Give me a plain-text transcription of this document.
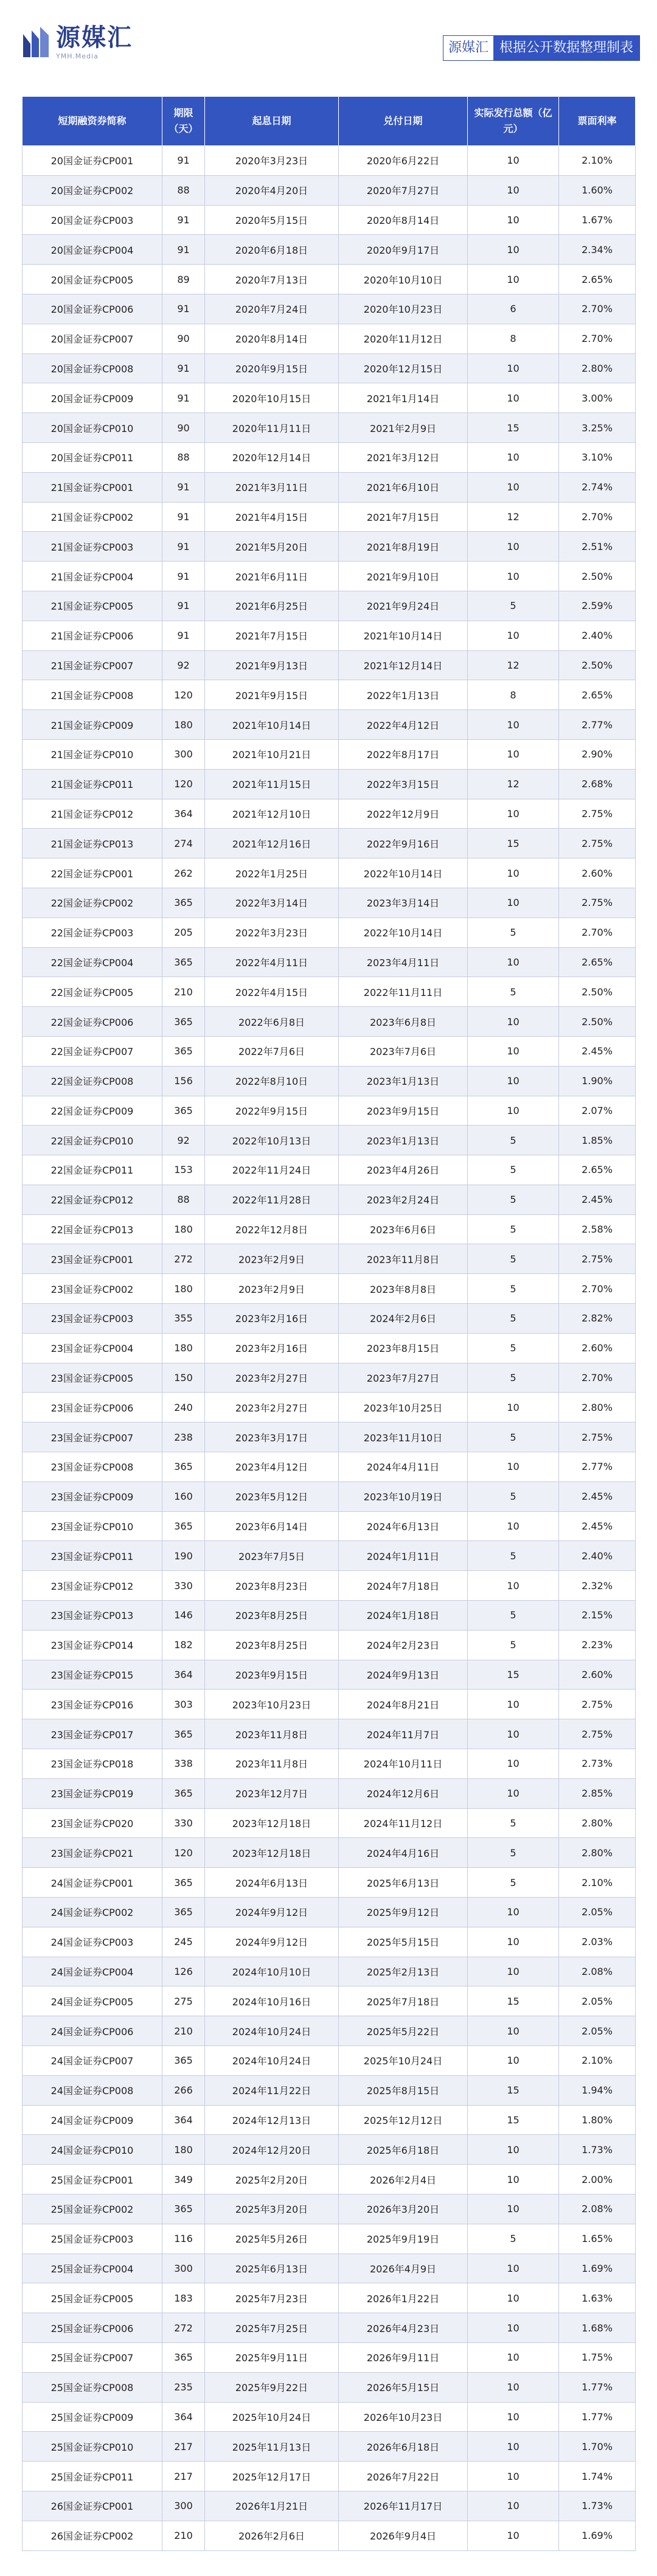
源媒汇
YMH.Media
源媒汇 根据公开数据整理制表
短期融资券简称	期限（天）	起息日期	兑付日期	实际发行总额（亿元）	票面利率
20国金证券CP001	91	2020年3月23日	2020年6月22日	10	2.10%
20国金证券CP002	88	2020年4月20日	2020年7月27日	10	1.60%
20国金证券CP003	91	2020年5月15日	2020年8月14日	10	1.67%
20国金证券CP004	91	2020年6月18日	2020年9月17日	10	2.34%
20国金证券CP005	89	2020年7月13日	2020年10月10日	10	2.65%
20国金证券CP006	91	2020年7月24日	2020年10月23日	6	2.70%
20国金证券CP007	90	2020年8月14日	2020年11月12日	8	2.70%
20国金证券CP008	91	2020年9月15日	2020年12月15日	10	2.80%
20国金证券CP009	91	2020年10月15日	2021年1月14日	10	3.00%
20国金证券CP010	90	2020年11月11日	2021年2月9日	15	3.25%
20国金证券CP011	88	2020年12月14日	2021年3月12日	10	3.10%
21国金证券CP001	91	2021年3月11日	2021年6月10日	10	2.74%
21国金证券CP002	91	2021年4月15日	2021年7月15日	12	2.70%
21国金证券CP003	91	2021年5月20日	2021年8月19日	10	2.51%
21国金证券CP004	91	2021年6月11日	2021年9月10日	10	2.50%
21国金证券CP005	91	2021年6月25日	2021年9月24日	5	2.59%
21国金证券CP006	91	2021年7月15日	2021年10月14日	10	2.40%
21国金证券CP007	92	2021年9月13日	2021年12月14日	12	2.50%
21国金证券CP008	120	2021年9月15日	2022年1月13日	8	2.65%
21国金证券CP009	180	2021年10月14日	2022年4月12日	10	2.77%
21国金证券CP010	300	2021年10月21日	2022年8月17日	10	2.90%
21国金证券CP011	120	2021年11月15日	2022年3月15日	12	2.68%
21国金证券CP012	364	2021年12月10日	2022年12月9日	10	2.75%
21国金证券CP013	274	2021年12月16日	2022年9月16日	15	2.75%
22国金证券CP001	262	2022年1月25日	2022年10月14日	10	2.60%
22国金证券CP002	365	2022年3月14日	2023年3月14日	10	2.75%
22国金证券CP003	205	2022年3月23日	2022年10月14日	5	2.70%
22国金证券CP004	365	2022年4月11日	2023年4月11日	10	2.65%
22国金证券CP005	210	2022年4月15日	2022年11月11日	5	2.50%
22国金证券CP006	365	2022年6月8日	2023年6月8日	10	2.50%
22国金证券CP007	365	2022年7月6日	2023年7月6日	10	2.45%
22国金证券CP008	156	2022年8月10日	2023年1月13日	10	1.90%
22国金证券CP009	365	2022年9月15日	2023年9月15日	10	2.07%
22国金证券CP010	92	2022年10月13日	2023年1月13日	5	1.85%
22国金证券CP011	153	2022年11月24日	2023年4月26日	5	2.65%
22国金证券CP012	88	2022年11月28日	2023年2月24日	5	2.45%
22国金证券CP013	180	2022年12月8日	2023年6月6日	5	2.58%
23国金证券CP001	272	2023年2月9日	2023年11月8日	5	2.75%
23国金证券CP002	180	2023年2月9日	2023年8月8日	5	2.70%
23国金证券CP003	355	2023年2月16日	2024年2月6日	5	2.82%
23国金证券CP004	180	2023年2月16日	2023年8月15日	5	2.60%
23国金证券CP005	150	2023年2月27日	2023年7月27日	5	2.70%
23国金证券CP006	240	2023年2月27日	2023年10月25日	10	2.80%
23国金证券CP007	238	2023年3月17日	2023年11月10日	5	2.75%
23国金证券CP008	365	2023年4月12日	2024年4月11日	10	2.77%
23国金证券CP009	160	2023年5月12日	2023年10月19日	5	2.45%
23国金证券CP010	365	2023年6月14日	2024年6月13日	10	2.45%
23国金证券CP011	190	2023年7月5日	2024年1月11日	5	2.40%
23国金证券CP012	330	2023年8月23日	2024年7月18日	10	2.32%
23国金证券CP013	146	2023年8月25日	2024年1月18日	5	2.15%
23国金证券CP014	182	2023年8月25日	2024年2月23日	5	2.23%
23国金证券CP015	364	2023年9月15日	2024年9月13日	15	2.60%
23国金证券CP016	303	2023年10月23日	2024年8月21日	10	2.75%
23国金证券CP017	365	2023年11月8日	2024年11月7日	10	2.75%
23国金证券CP018	338	2023年11月8日	2024年10月11日	10	2.73%
23国金证券CP019	365	2023年12月7日	2024年12月6日	10	2.85%
23国金证券CP020	330	2023年12月18日	2024年11月12日	5	2.80%
23国金证券CP021	120	2023年12月18日	2024年4月16日	5	2.80%
24国金证券CP001	365	2024年6月13日	2025年6月13日	5	2.10%
24国金证券CP002	365	2024年9月12日	2025年9月12日	10	2.05%
24国金证券CP003	245	2024年9月12日	2025年5月15日	10	2.03%
24国金证券CP004	126	2024年10月10日	2025年2月13日	10	2.08%
24国金证券CP005	275	2024年10月16日	2025年7月18日	15	2.05%
24国金证券CP006	210	2024年10月24日	2025年5月22日	10	2.05%
24国金证券CP007	365	2024年10月24日	2025年10月24日	10	2.10%
24国金证券CP008	266	2024年11月22日	2025年8月15日	15	1.94%
24国金证券CP009	364	2024年12月13日	2025年12月12日	15	1.80%
24国金证券CP010	180	2024年12月20日	2025年6月18日	10	1.73%
25国金证券CP001	349	2025年2月20日	2026年2月4日	10	2.00%
25国金证券CP002	365	2025年3月20日	2026年3月20日	10	2.08%
25国金证券CP003	116	2025年5月26日	2025年9月19日	5	1.65%
25国金证券CP004	300	2025年6月13日	2026年4月9日	10	1.69%
25国金证券CP005	183	2025年7月23日	2026年1月22日	10	1.63%
25国金证券CP006	272	2025年7月25日	2026年4月23日	10	1.68%
25国金证券CP007	365	2025年9月11日	2026年9月11日	10	1.75%
25国金证券CP008	235	2025年9月22日	2026年5月15日	10	1.77%
25国金证券CP009	364	2025年10月24日	2026年10月23日	10	1.77%
25国金证券CP010	217	2025年11月13日	2026年6月18日	10	1.70%
25国金证券CP011	217	2025年12月17日	2026年7月22日	10	1.74%
26国金证券CP001	300	2026年1月21日	2026年11月17日	10	1.73%
26国金证券CP002	210	2026年2月6日	2026年9月4日	10	1.69%
